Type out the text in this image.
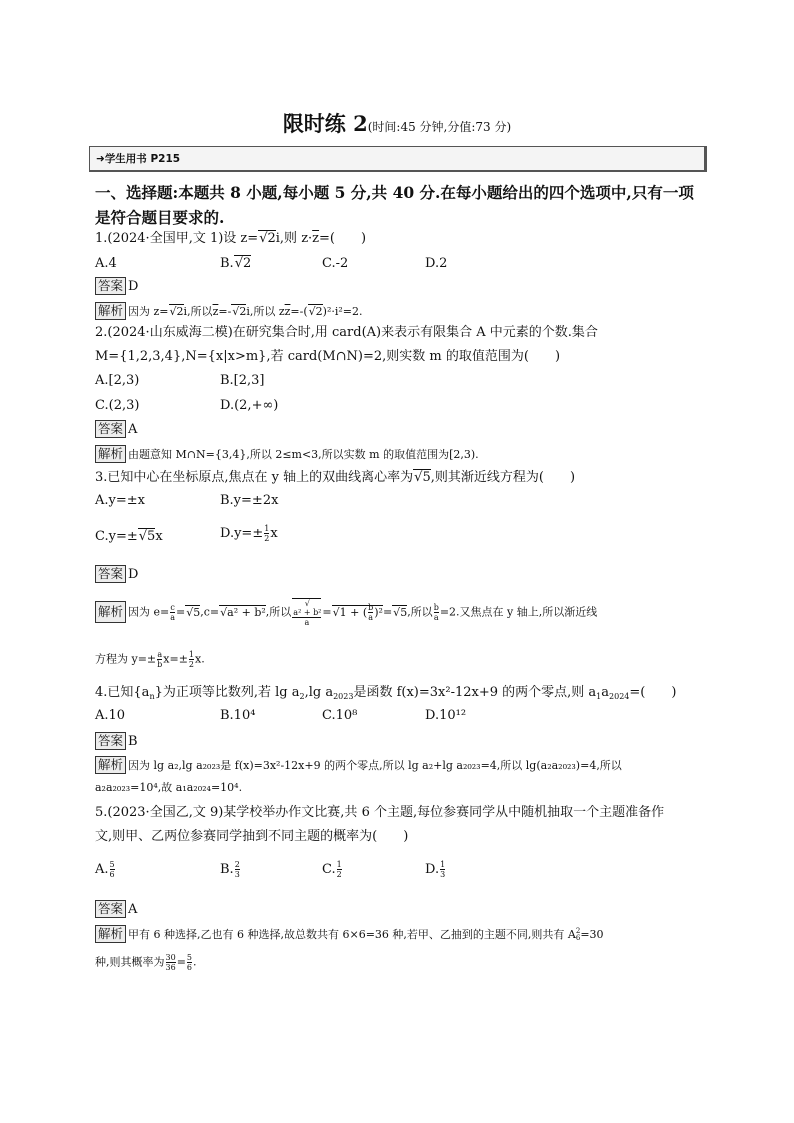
限时练 2(时间:45 分钟,分值:73 分)
➜学生用书 P215
一、选择题:本题共 8 小题,每小题 5 分,共 40 分.在每小题给出的四个选项中,只有一项是符合题目要求的.
1.(2024·全国甲,文 1)设 z=√2i,则 $z\cdot\overline{z}=$(　　)
A.4	B.√2	C.-2	D.2
答案 D
解析 因为 z=√2i,所以$\overline{z}=-√2i$,所以 $z\overline{z}=-(√2)^2\cdot i^2=2$.
2.(2024·山东威海二模)在研究集合时,用 card(A)来表示有限集合 A 中元素的个数.集合
M={1,2,3,4},N={x|x>m},若 card(M∩N)=2,则实数 m 的取值范围为(　　)
A.[2,3)	B.[2,3]
C.(2,3)	D.(2,+∞)
答案 A
解析 由题意知 M∩N={3,4},所以 2≤m<3,所以实数 m 的取值范围为[2,3).
3.已知中心在坐标原点,焦点在 y 轴上的双曲线离心率为√5,则其渐近线方程为(　　)
A.y=±x	B.y=±2x
C.y=±√5x	$D.y=\pm \frac{1}{2}$ x
答案 D
解析 因为 $e= \frac{c}{a} =√5,c=√a^2 + b^2$,所以 √
a² + b²
a =√1 + ( $\frac{b}{a} )^2=√5$,所以 $\frac{b}{a} =2$.又焦点在 y 轴上,所以渐近线
方程为 $y=\pm \frac{a}{b} x=\pm \frac{1}{2} x$.
4.已知$\{a_n\}$为正项等比数列,若 $\lg a_2,\lg$ $a_{2023}$是函数 f(x)=3x²-12x+9 的两个零点,则 $a_1a_{2024}=$(　　)
A.10	B.10⁴	C.10⁸	D.10¹²
答案 B
解析 因为 lg a₂,lg a₂₀₂₃是 f(x)=3x²-12x+9 的两个零点,所以 lg a₂+lg a₂₀₂₃=4,所以 lg(a₂a₂₀₂₃)=4,所以
a₂a₂₀₂₃=10⁴,故 a₁a₂₀₂₄=10⁴.
5.(2023·全国乙,文 9)某学校举办作文比赛,共 6 个主题,每位参赛同学从中随机抽取一个主题准备作
文,则甲、乙两位参赛同学抽到不同主题的概率为(　　)
A. $\frac{5}{6}$	B. $\frac{2}{3}$	C. $\frac{1}{2}$	D. $\frac{1}{3}$
答案 A
解析 甲有 6 种选择,乙也有 6 种选择,故总数共有 6×6=36 种,若甲、乙抽到的主题不同,则共有 A 2
6 =30
种,则其概率为 $\frac{30}{36} = \frac{5}{6}$ .
